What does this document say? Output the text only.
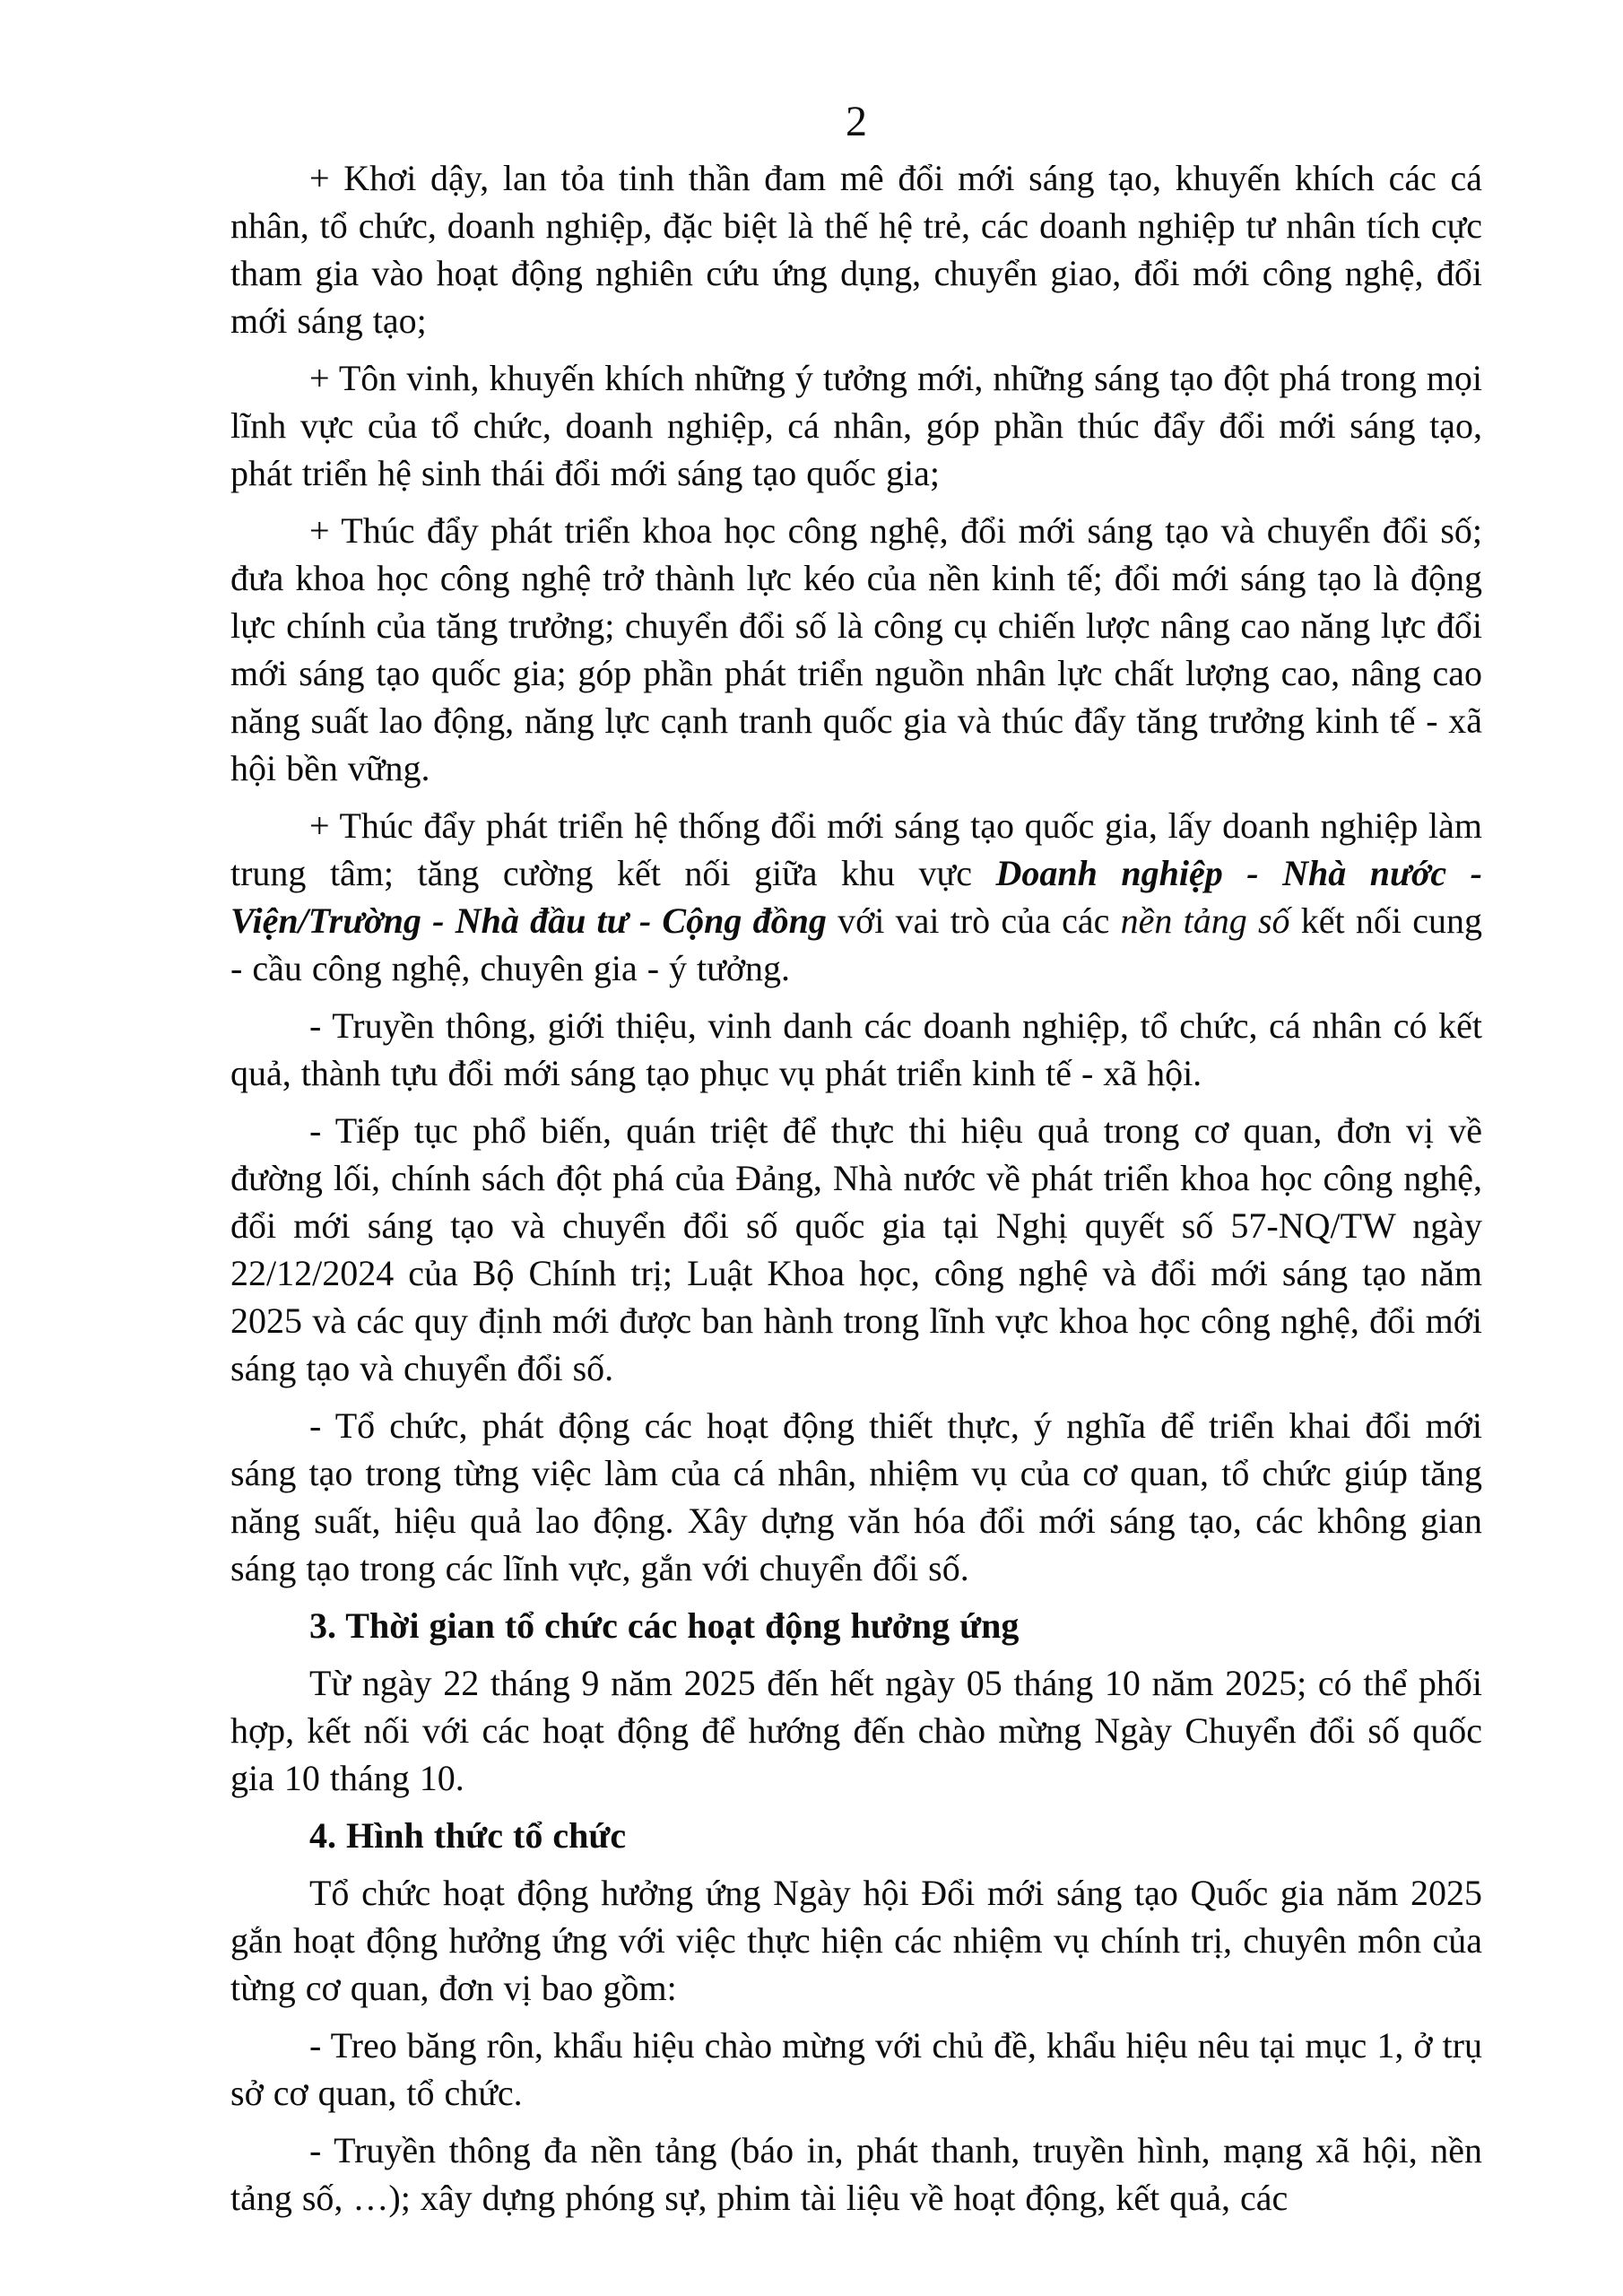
2

+ Khơi dậy, lan tỏa tinh thần đam mê đổi mới sáng tạo, khuyến khích các cá nhân, tổ chức, doanh nghiệp, đặc biệt là thế hệ trẻ, các doanh nghiệp tư nhân tích cực tham gia vào hoạt động nghiên cứu ứng dụng, chuyển giao, đổi mới công nghệ, đổi mới sáng tạo;

+ Tôn vinh, khuyến khích những ý tưởng mới, những sáng tạo đột phá trong mọi lĩnh vực của tổ chức, doanh nghiệp, cá nhân, góp phần thúc đẩy đổi mới sáng tạo, phát triển hệ sinh thái đổi mới sáng tạo quốc gia;

+ Thúc đẩy phát triển khoa học công nghệ, đổi mới sáng tạo và chuyển đổi số; đưa khoa học công nghệ trở thành lực kéo của nền kinh tế; đổi mới sáng tạo là động lực chính của tăng trưởng; chuyển đổi số là công cụ chiến lược nâng cao năng lực đổi mới sáng tạo quốc gia; góp phần phát triển nguồn nhân lực chất lượng cao, nâng cao năng suất lao động, năng lực cạnh tranh quốc gia và thúc đẩy tăng trưởng kinh tế - xã hội bền vững.

+ Thúc đẩy phát triển hệ thống đổi mới sáng tạo quốc gia, lấy doanh nghiệp làm trung tâm; tăng cường kết nối giữa khu vực Doanh nghiệp - Nhà nước - Viện/Trường - Nhà đầu tư - Cộng đồng với vai trò của các nền tảng số kết nối cung - cầu công nghệ, chuyên gia - ý tưởng.

- Truyền thông, giới thiệu, vinh danh các doanh nghiệp, tổ chức, cá nhân có kết quả, thành tựu đổi mới sáng tạo phục vụ phát triển kinh tế - xã hội.

- Tiếp tục phổ biến, quán triệt để thực thi hiệu quả trong cơ quan, đơn vị về đường lối, chính sách đột phá của Đảng, Nhà nước về phát triển khoa học công nghệ, đổi mới sáng tạo và chuyển đổi số quốc gia tại Nghị quyết số 57-NQ/TW ngày 22/12/2024 của Bộ Chính trị; Luật Khoa học, công nghệ và đổi mới sáng tạo năm 2025 và các quy định mới được ban hành trong lĩnh vực khoa học công nghệ, đổi mới sáng tạo và chuyển đổi số.

- Tổ chức, phát động các hoạt động thiết thực, ý nghĩa để triển khai đổi mới sáng tạo trong từng việc làm của cá nhân, nhiệm vụ của cơ quan, tổ chức giúp tăng năng suất, hiệu quả lao động. Xây dựng văn hóa đổi mới sáng tạo, các không gian sáng tạo trong các lĩnh vực, gắn với chuyển đổi số.

3. Thời gian tổ chức các hoạt động hưởng ứng

Từ ngày 22 tháng 9 năm 2025 đến hết ngày 05 tháng 10 năm 2025; có thể phối hợp, kết nối với các hoạt động để hướng đến chào mừng Ngày Chuyển đổi số quốc gia 10 tháng 10.

4. Hình thức tổ chức

Tổ chức hoạt động hưởng ứng Ngày hội Đổi mới sáng tạo Quốc gia năm 2025 gắn hoạt động hưởng ứng với việc thực hiện các nhiệm vụ chính trị, chuyên môn của từng cơ quan, đơn vị bao gồm:

- Treo băng rôn, khẩu hiệu chào mừng với chủ đề, khẩu hiệu nêu tại mục 1, ở trụ sở cơ quan, tổ chức.

- Truyền thông đa nền tảng (báo in, phát thanh, truyền hình, mạng xã hội, nền tảng số, …); xây dựng phóng sự, phim tài liệu về hoạt động, kết quả, các
